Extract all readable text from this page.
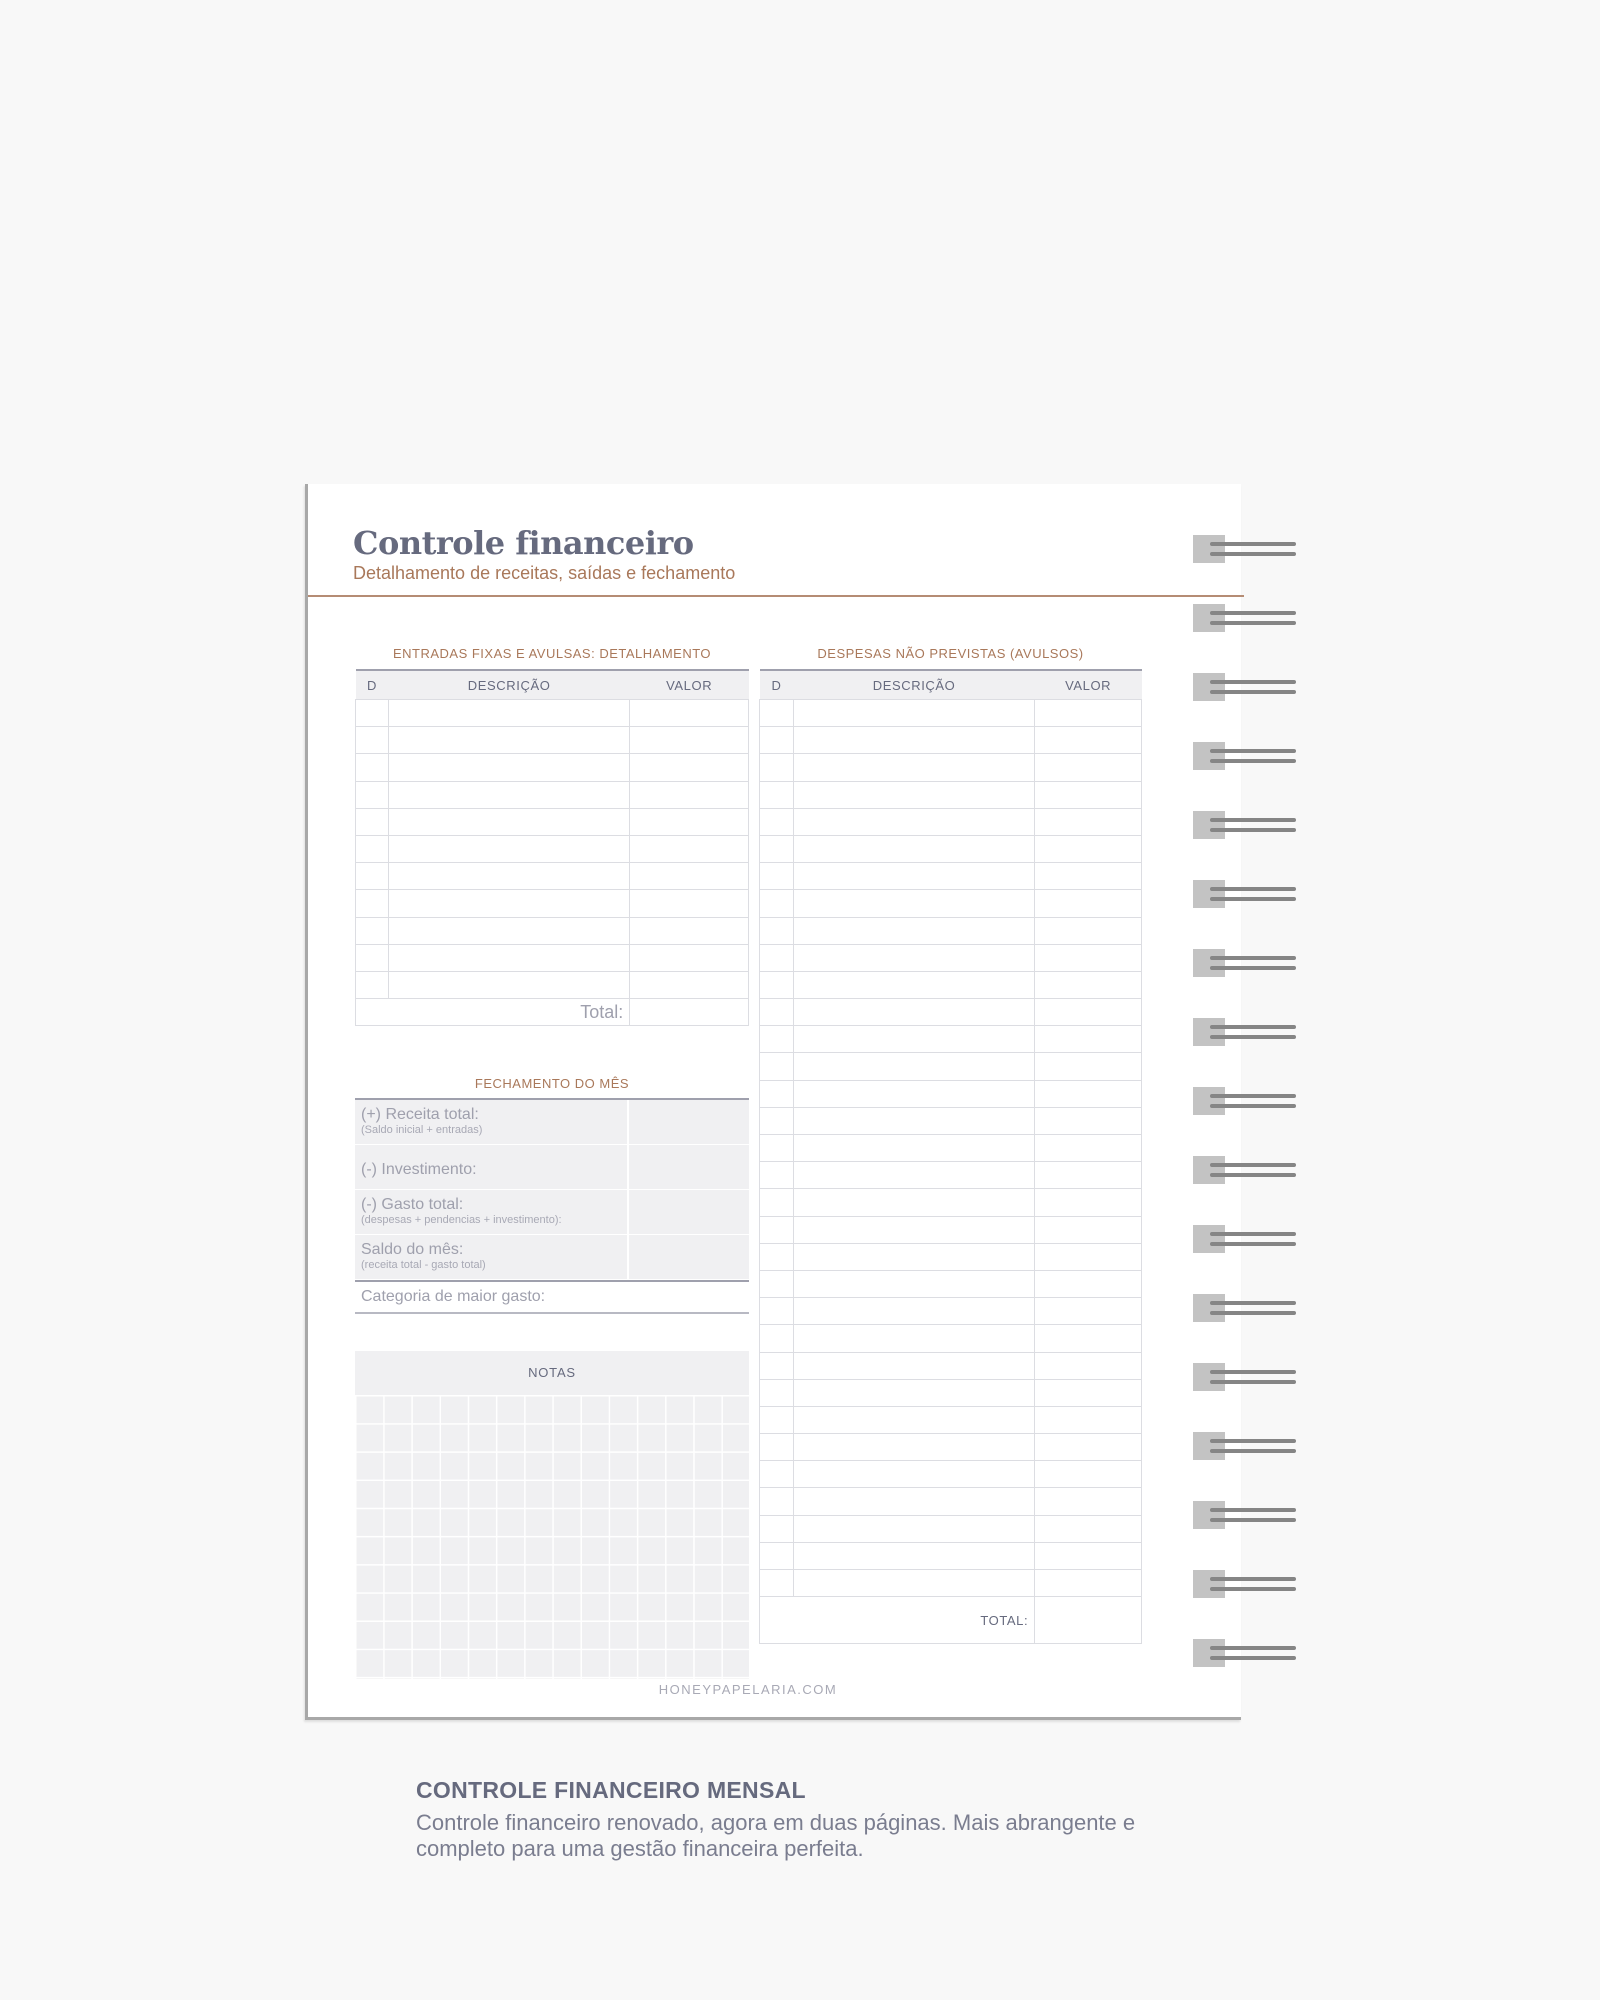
Controle financeiro

Detalhamento de receitas, saídas e fechamento

ENTRADAS FIXAS E AVULSAS: DETALHAMENTO
D	DESCRIÇÃO	VALOR

Total:		
FECHAMENTO DO MÊS
(+) Receita total:
(Saldo inicial + entradas)
(-) Investimento:
(-) Gasto total:
(despesas + pendencias + investimento):
Saldo do mês:
(receita total - gasto total)
Categoria de maior gasto:
NOTAS
DESPESAS NÃO PREVISTAS (AVULSOS)
D	DESCRIÇÃO	VALOR

TOTAL:		
HONEYPAPELARIA.COM
CONTROLE FINANCEIRO MENSAL

Controle financeiro renovado, agora em duas páginas. Mais abrangente e completo para uma gestão financeira perfeita.
